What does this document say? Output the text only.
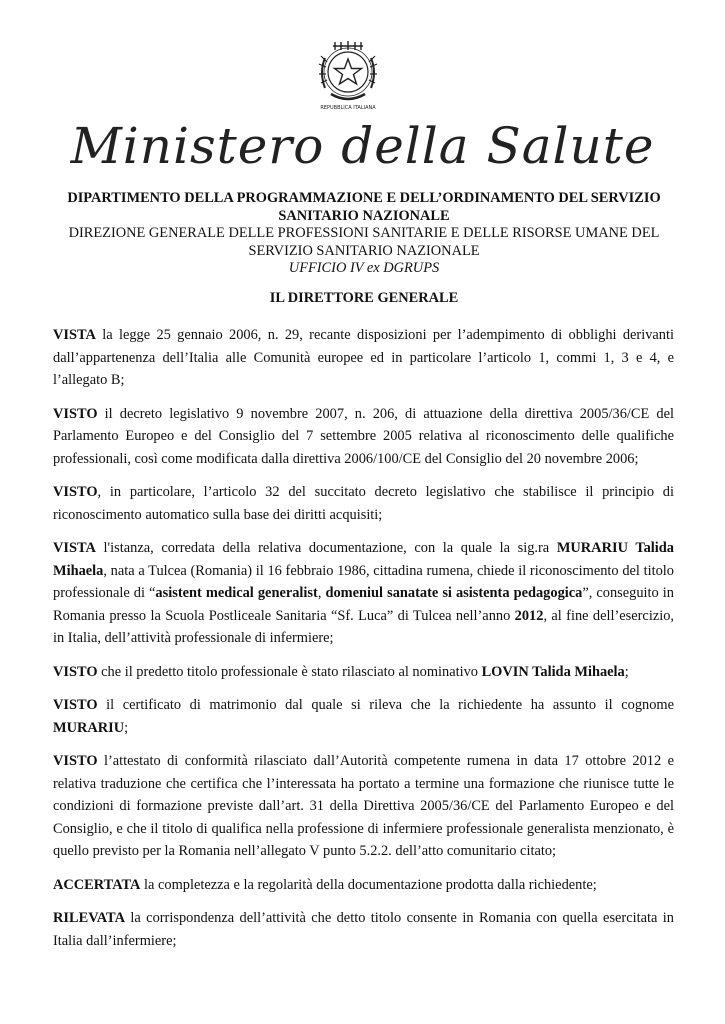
REPUBBLICA ITALIANA
Ministero della Salute
DIPARTIMENTO DELLA PROGRAMMAZIONE E DELL’ORDINAMENTO DEL SERVIZIO SANITARIO NAZIONALE
DIREZIONE GENERALE DELLE PROFESSIONI SANITARIE E DELLE RISORSE UMANE DEL SERVIZIO SANITARIO NAZIONALE
UFFICIO IV ex DGRUPS
IL DIRETTORE GENERALE

VISTA la legge 25 gennaio 2006, n. 29, recante disposizioni per l’adempimento di obblighi derivanti dall’appartenenza dell’Italia alle Comunità europee ed in particolare l’articolo 1, commi 1, 3 e 4, e l’allegato B;

VISTO il decreto legislativo 9 novembre 2007, n. 206, di attuazione della direttiva 2005/36/CE del Parlamento Europeo e del Consiglio del 7 settembre 2005 relativa al riconoscimento delle qualifiche professionali, così come modificata dalla direttiva 2006/100/CE del Consiglio del 20 novembre 2006;

VISTO, in particolare, l’articolo 32 del succitato decreto legislativo che stabilisce il principio di riconoscimento automatico sulla base dei diritti acquisiti;

VISTA l'istanza, corredata della relativa documentazione, con la quale la sig.ra MURARIU Talida Mihaela, nata a Tulcea (Romania) il 16 febbraio 1986, cittadina rumena, chiede il riconoscimento del titolo professionale di “asistent medical generalist, domeniul sanatate si asistenta pedagogica”, conseguito in Romania presso la Scuola Postliceale Sanitaria “Sf. Luca” di Tulcea nell’anno 2012, al fine dell’esercizio, in Italia, dell’attività professionale di infermiere;

VISTO che il predetto titolo professionale è stato rilasciato al nominativo LOVIN Talida Mihaela;

VISTO il certificato di matrimonio dal quale si rileva che la richiedente ha assunto il cognome MURARIU;

VISTO l’attestato di conformità rilasciato dall’Autorità competente rumena in data 17 ottobre 2012 e relativa traduzione che certifica che l’interessata ha portato a termine una formazione che riunisce tutte le condizioni di formazione previste dall’art. 31 della Direttiva 2005/36/CE del Parlamento Europeo e del Consiglio, e che il titolo di qualifica nella professione di infermiere professionale generalista menzionato, è quello previsto per la Romania nell’allegato V punto 5.2.2. dell’atto comunitario citato;

ACCERTATA la completezza e la regolarità della documentazione prodotta dalla richiedente;

RILEVATA la corrispondenza dell’attività che detto titolo consente in Romania con quella esercitata in Italia dall’infermiere;
